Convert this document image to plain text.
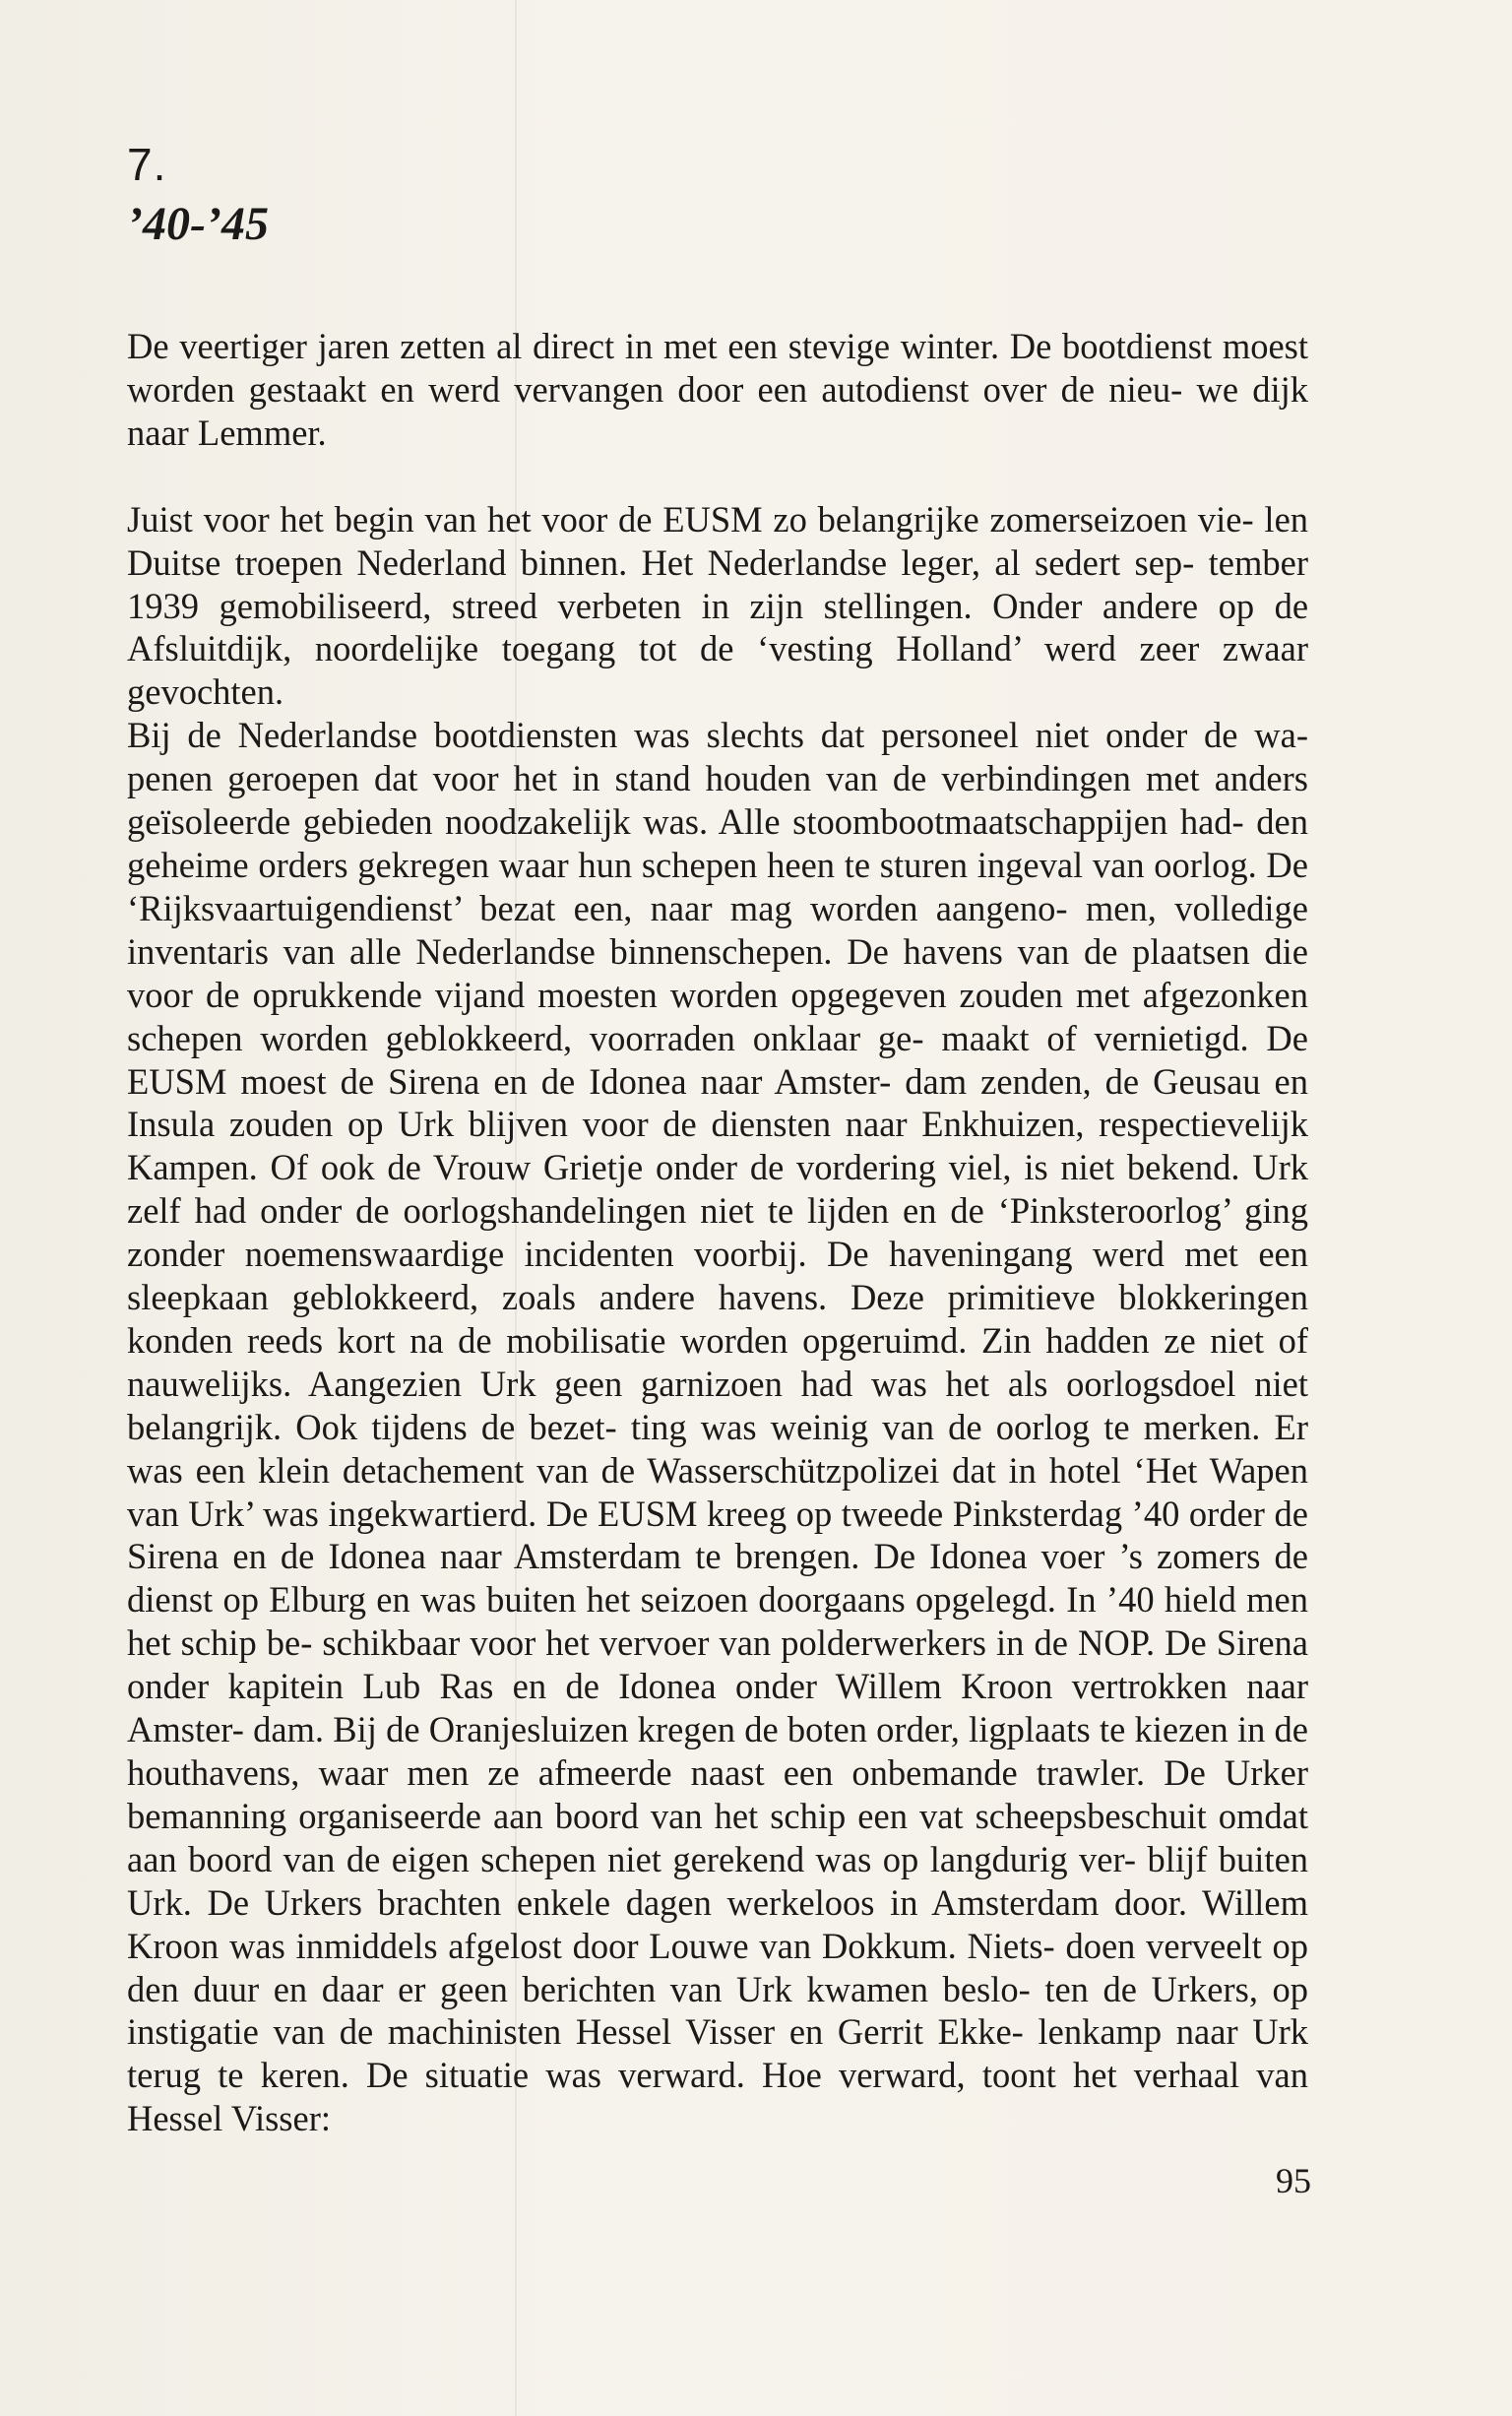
7.
’40-’45

De veertiger jaren zetten al direct in met een stevige winter. De bootdienst moest worden gestaakt en werd vervangen door een autodienst over de nieu- we dijk naar Lemmer.

Juist voor het begin van het voor de EUSM zo belangrijke zomerseizoen vie- len Duitse troepen Nederland binnen. Het Nederlandse leger, al sedert sep- tember 1939 gemobiliseerd, streed verbeten in zijn stellingen. Onder andere op de Afsluitdijk, noordelijke toegang tot de ‘vesting Holland’ werd zeer zwaar gevochten.

Bij de Nederlandse bootdiensten was slechts dat personeel niet onder de wa- penen geroepen dat voor het in stand houden van de verbindingen met anders geïsoleerde gebieden noodzakelijk was. Alle stoombootmaatschappijen had- den geheime orders gekregen waar hun schepen heen te sturen ingeval van oorlog. De ‘Rijksvaartuigendienst’ bezat een, naar mag worden aangeno- men, volledige inventaris van alle Nederlandse binnenschepen. De havens van de plaatsen die voor de oprukkende vijand moesten worden opgegeven zouden met afgezonken schepen worden geblokkeerd, voorraden onklaar ge- maakt of vernietigd. De EUSM moest de Sirena en de Idonea naar Amster- dam zenden, de Geusau en Insula zouden op Urk blijven voor de diensten naar Enkhuizen, respectievelijk Kampen. Of ook de Vrouw Grietje onder de vordering viel, is niet bekend. Urk zelf had onder de oorlogshandelingen niet te lijden en de ‘Pinksteroorlog’ ging zonder noemenswaardige incidenten voorbij. De haveningang werd met een sleepkaan geblokkeerd, zoals andere havens. Deze primitieve blokkeringen konden reeds kort na de mobilisatie worden opgeruimd. Zin hadden ze niet of nauwelijks. Aangezien Urk geen garnizoen had was het als oorlogsdoel niet belangrijk. Ook tijdens de bezet- ting was weinig van de oorlog te merken. Er was een klein detachement van de Wasserschützpolizei dat in hotel ‘Het Wapen van Urk’ was ingekwartierd. De EUSM kreeg op tweede Pinksterdag ’40 order de Sirena en de Idonea naar Amsterdam te brengen. De Idonea voer ’s zomers de dienst op Elburg en was buiten het seizoen doorgaans opgelegd. In ’40 hield men het schip be- schikbaar voor het vervoer van polderwerkers in de NOP. De Sirena onder kapitein Lub Ras en de Idonea onder Willem Kroon vertrokken naar Amster- dam. Bij de Oranjesluizen kregen de boten order, ligplaats te kiezen in de houthavens, waar men ze afmeerde naast een onbemande trawler. De Urker bemanning organiseerde aan boord van het schip een vat scheepsbeschuit omdat aan boord van de eigen schepen niet gerekend was op langdurig ver- blijf buiten Urk. De Urkers brachten enkele dagen werkeloos in Amsterdam door. Willem Kroon was inmiddels afgelost door Louwe van Dokkum. Niets- doen verveelt op den duur en daar er geen berichten van Urk kwamen beslo- ten de Urkers, op instigatie van de machinisten Hessel Visser en Gerrit Ekke- lenkamp naar Urk terug te keren. De situatie was verward. Hoe verward, toont het verhaal van Hessel Visser:

95
